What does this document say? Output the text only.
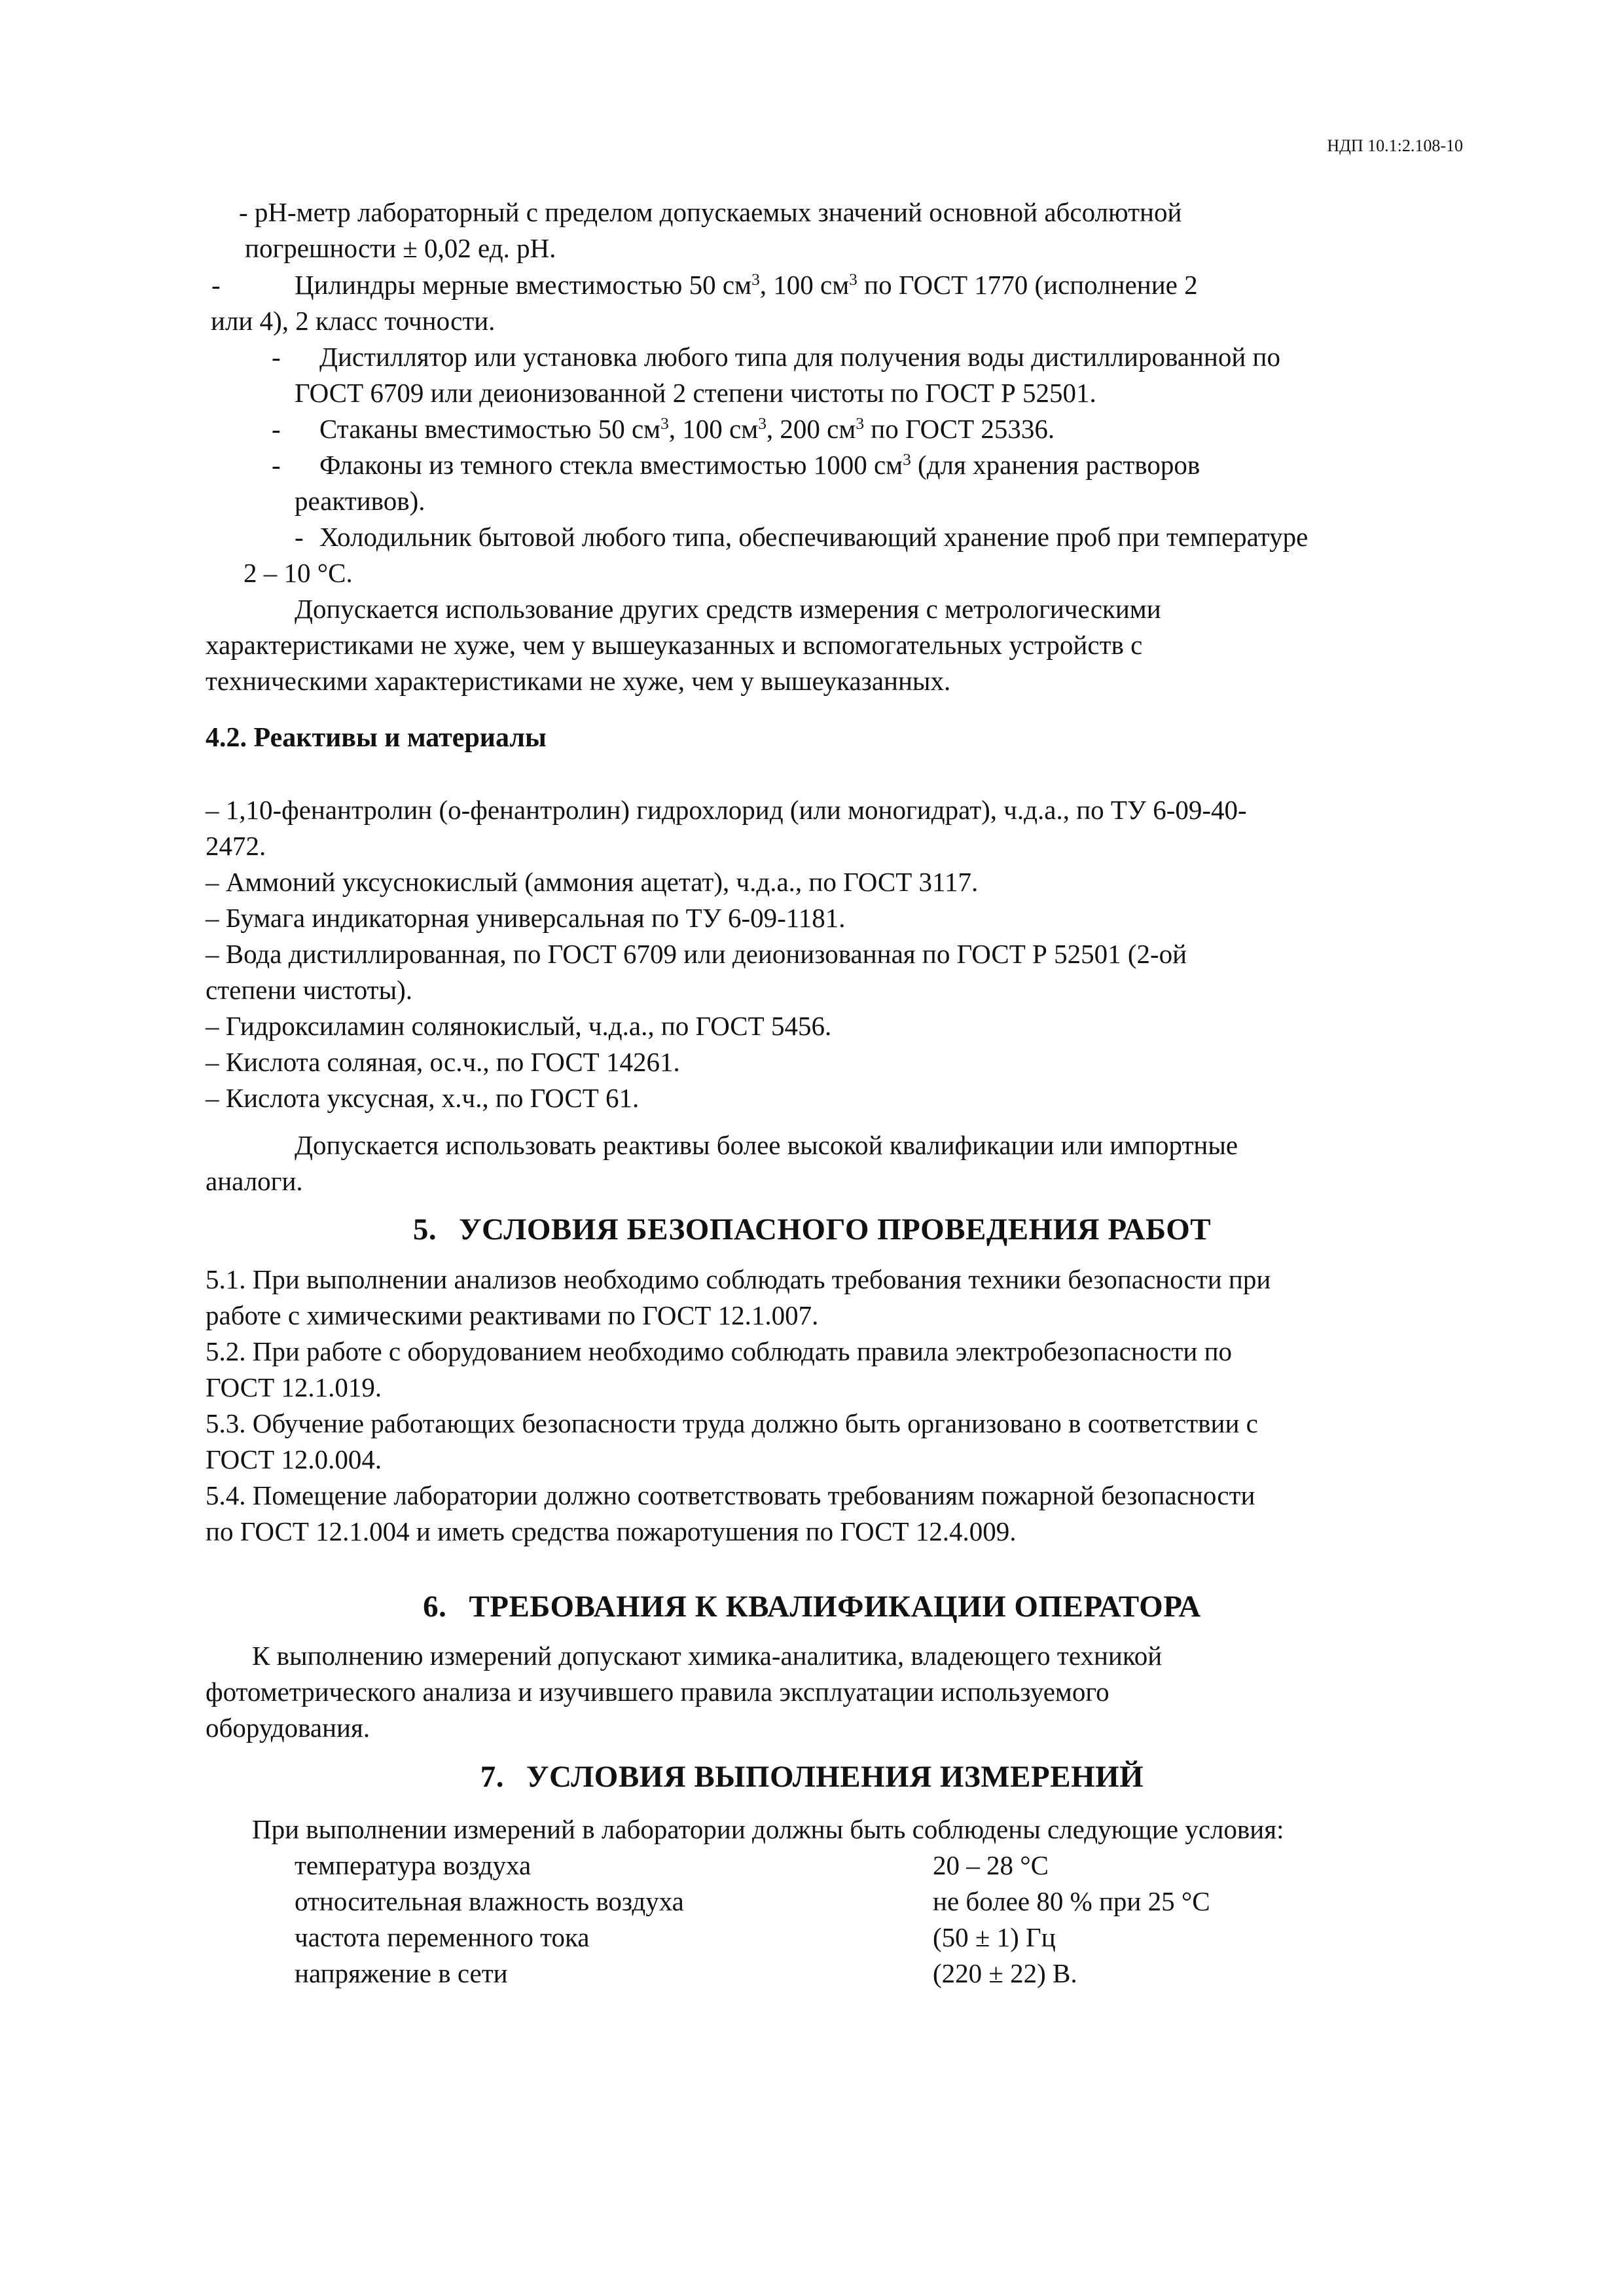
НДП 10.1:2.108-10
- рН-метр лабораторный с пределом допускаемых значений основной абсолютной
погрешности ± 0,02 ед. рН.
-	Цилиндры мерные вместимостью 50 $см^3$, 100 $см^3$ по ГОСТ 1770 (исполнение 2
или 4), 2 класс точности.
- Дистиллятор или установка любого типа для получения воды дистиллированной по
ГОСТ 6709 или деионизованной 2 степени чистоты по ГОСТ Р 52501.
- Стаканы вместимостью 50 $см^3$, 100 $см^3$, 200 $см^3$ по ГОСТ 25336.
- Флаконы из темного стекла вместимостью 1000 $см^3$ (для хранения растворов
реактивов).
- Холодильник бытовой любого типа, обеспечивающий хранение проб при температуре
2 – 10 °С.
Допускается использование других средств измерения с метрологическими
характеристиками не хуже, чем у вышеуказанных и вспомогательных устройств с
техническими характеристиками не хуже, чем у вышеуказанных.
4.2. Реактивы и материалы
– 1,10-фенантролин (о-фенантролин) гидрохлорид (или моногидрат), ч.д.а., по ТУ 6-09-40-
2472.
– Аммоний уксуснокислый (аммония ацетат), ч.д.а., по ГОСТ 3117.
– Бумага индикаторная универсальная по ТУ 6-09-1181.
– Вода дистиллированная, по ГОСТ 6709 или деионизованная по ГОСТ Р 52501 (2-ой
степени чистоты).
– Гидроксиламин солянокислый, ч.д.а., по ГОСТ 5456.
– Кислота соляная, ос.ч., по ГОСТ 14261.
– Кислота уксусная, х.ч., по ГОСТ 61.
Допускается использовать реактивы более высокой квалификации или импортные
аналоги.
5. УСЛОВИЯ БЕЗОПАСНОГО ПРОВЕДЕНИЯ РАБОТ
5.1. При выполнении анализов необходимо соблюдать требования техники безопасности при
работе с химическими реактивами по ГОСТ 12.1.007.
5.2. При работе с оборудованием необходимо соблюдать правила электробезопасности по
ГОСТ 12.1.019.
5.3. Обучение работающих безопасности труда должно быть организовано в соответствии с
ГОСТ 12.0.004.
5.4. Помещение лаборатории должно соответствовать требованиям пожарной безопасности
по ГОСТ 12.1.004 и иметь средства пожаротушения по ГОСТ 12.4.009.
6. ТРЕБОВАНИЯ К КВАЛИФИКАЦИИ ОПЕРАТОРА
К выполнению измерений допускают химика-аналитика, владеющего техникой
фотометрического анализа и изучившего правила эксплуатации используемого
оборудования.
7. УСЛОВИЯ ВЫПОЛНЕНИЯ ИЗМЕРЕНИЙ
При выполнении измерений в лаборатории должны быть соблюдены следующие условия:
температура воздуха	20 – 28 °С
относительная влажность воздуха	не более 80 % при 25 °С
частота переменного тока	(50 ± 1) Гц
напряжение в сети	(220 ± 22) В.
